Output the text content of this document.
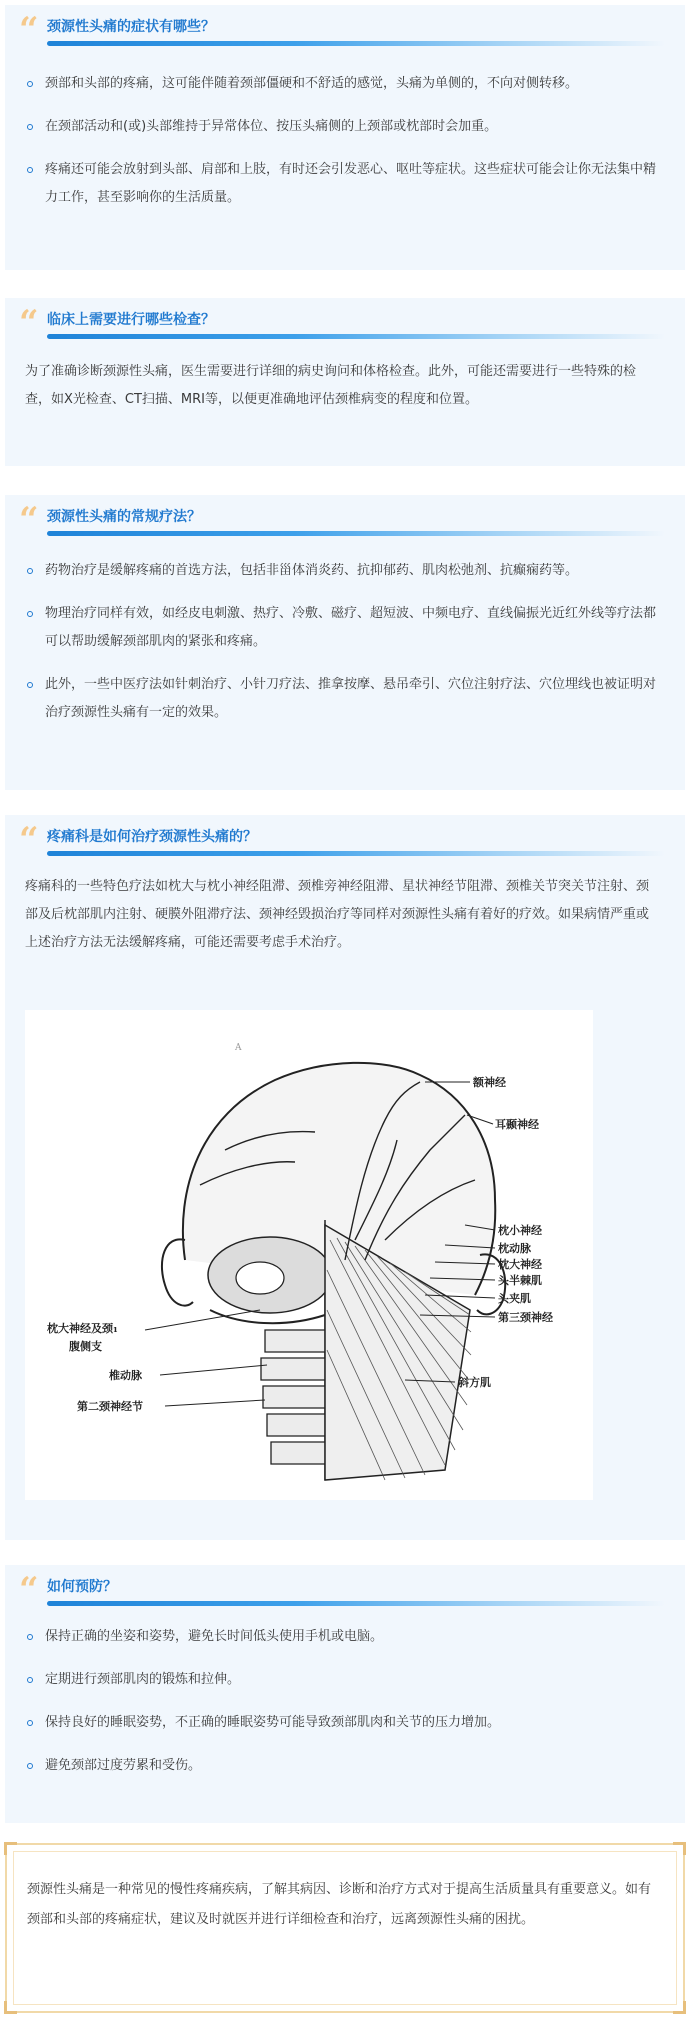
“ 颈源性头痛的症状有哪些？
颈部和头部的疼痛，这可能伴随着颈部僵硬和不舒适的感觉，头痛为单侧的，不向对侧转移。
在颈部活动和(或)头部维持于异常体位、按压头痛侧的上颈部或枕部时会加重。
疼痛还可能会放射到头部、肩部和上肢，有时还会引发恶心、呕吐等症状。这些症状可能会让你无法集中精力工作，甚至影响你的生活质量。
“ 临床上需要进行哪些检查？

为了准确诊断颈源性头痛，医生需要进行详细的病史询问和体格检查。此外，可能还需要进行一些特殊的检查，如X光检查、CT扫描、MRI等，以便更准确地评估颈椎病变的程度和位置。

“ 颈源性头痛的常规疗法？
药物治疗是缓解疼痛的首选方法，包括非甾体消炎药、抗抑郁药、肌肉松弛剂、抗癫痫药等。
物理治疗同样有效，如经皮电刺激、热疗、冷敷、磁疗、超短波、中频电疗、直线偏振光近红外线等疗法都可以帮助缓解颈部肌肉的紧张和疼痛。
此外，一些中医疗法如针刺治疗、小针刀疗法、推拿按摩、悬吊牵引、穴位注射疗法、穴位埋线也被证明对治疗颈源性头痛有一定的效果。
“ 疼痛科是如何治疗颈源性头痛的？

疼痛科的一些特色疗法如枕大与枕小神经阻滞、颈椎旁神经阻滞、星状神经节阻滞、颈椎关节突关节注射、颈部及后枕部肌内注射、硬膜外阻滞疗法、颈神经毁损治疗等同样对颈源性头痛有着好的疗效。如果病情严重或上述治疗方法无法缓解疼痛，可能还需要考虑手术治疗。

A
额神经
耳颞神经
枕小神经
枕动脉
枕大神经
头半棘肌
头夹肌
第三颈神经
斜方肌
枕大神经及颈₁
腹侧支
椎动脉
第二颈神经节
“ 如何预防？
保持正确的坐姿和姿势，避免长时间低头使用手机或电脑。
定期进行颈部肌肉的锻炼和拉伸。
保持良好的睡眠姿势，不正确的睡眠姿势可能导致颈部肌肉和关节的压力增加。
避免颈部过度劳累和受伤。

颈源性头痛是一种常见的慢性疼痛疾病，了解其病因、诊断和治疗方式对于提高生活质量具有重要意义。如有颈部和头部的疼痛症状，建议及时就医并进行详细检查和治疗，远离颈源性头痛的困扰。
